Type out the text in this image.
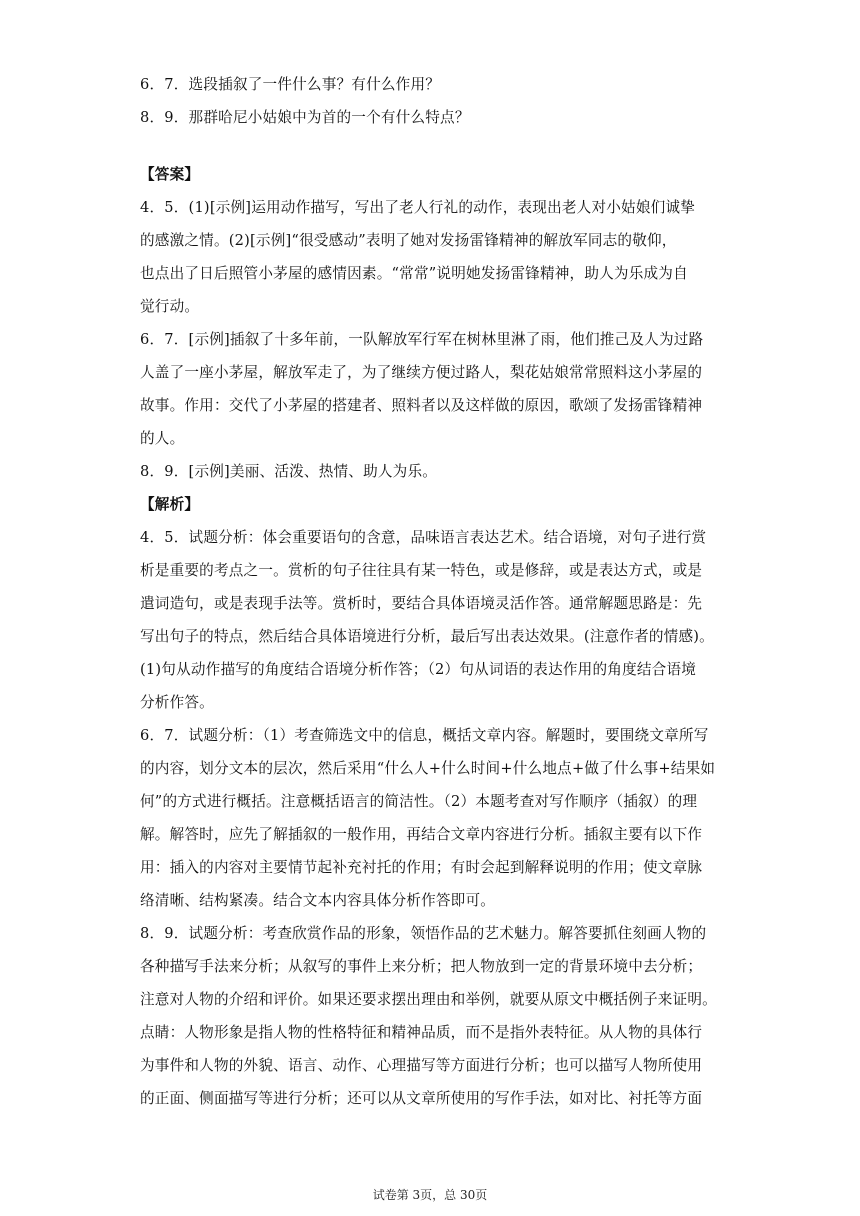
6．7．选段插叙了一件什么事？有什么作用？

8．9．那群哈尼小姑娘中为首的一个有什么特点？

【答案】

4．5．(1)[示例]运用动作描写，写出了老人行礼的动作，表现出老人对小姑娘们诚挚

的感激之情。(2)[示例]“很受感动”表明了她对发扬雷锋精神的解放军同志的敬仰，

也点出了日后照管小茅屋的感情因素。“常常”说明她发扬雷锋精神，助人为乐成为自

觉行动。

6．7．[示例]插叙了十多年前，一队解放军行军在树林里淋了雨，他们推己及人为过路

人盖了一座小茅屋，解放军走了，为了继续方便过路人，梨花姑娘常常照料这小茅屋的

故事。作用：交代了小茅屋的搭建者、照料者以及这样做的原因，歌颂了发扬雷锋精神

的人。

8．9．[示例]美丽、活泼、热情、助人为乐。

【解析】

4．5．试题分析：体会重要语句的含意，品味语言表达艺术。结合语境，对句子进行赏

析是重要的考点之一。赏析的句子往往具有某一特色，或是修辞，或是表达方式，或是

遣词造句，或是表现手法等。赏析时，要结合具体语境灵活作答。通常解题思路是：先

写出句子的特点，然后结合具体语境进行分析，最后写出表达效果。(注意作者的情感)。

(1)句从动作描写的角度结合语境分析作答；（2）句从词语的表达作用的角度结合语境

分析作答。

6．7．试题分析：（1）考查筛选文中的信息，概括文章内容。解题时，要围绕文章所写

的内容，划分文本的层次，然后采用“什么人+什么时间+什么地点+做了什么事+结果如

何”的方式进行概括。注意概括语言的简洁性。（2）本题考查对写作顺序（插叙）的理

解。解答时，应先了解插叙的一般作用，再结合文章内容进行分析。插叙主要有以下作

用：插入的内容对主要情节起补充衬托的作用；有时会起到解释说明的作用；使文章脉

络清晰、结构紧凑。结合文本内容具体分析作答即可。

8．9．试题分析：考查欣赏作品的形象，领悟作品的艺术魅力。解答要抓住刻画人物的

各种描写手法来分析；从叙写的事件上来分析；把人物放到一定的背景环境中去分析；

注意对人物的介绍和评价。如果还要求摆出理由和举例，就要从原文中概括例子来证明。

点睛：人物形象是指人物的性格特征和精神品质，而不是指外表特征。从人物的具体行

为事件和人物的外貌、语言、动作、心理描写等方面进行分析；也可以描写人物所使用

的正面、侧面描写等进行分析；还可以从文章所使用的写作手法，如对比、衬托等方面

试卷第 3页，总 30页
